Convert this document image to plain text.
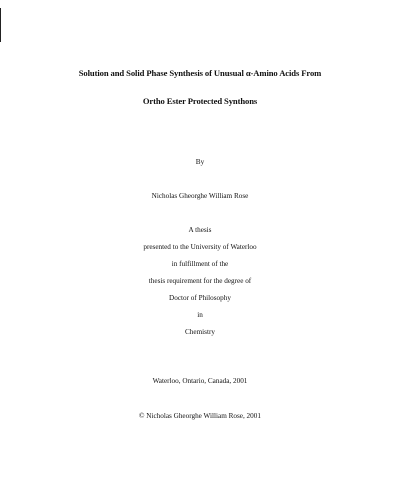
Solution and Solid Phase Synthesis of Unusual α-Amino Acids From
Ortho Ester Protected Synthons
By
Nicholas Gheorghe William Rose
A thesis
presented to the University of Waterloo
in fulfillment of the
thesis requirement for the degree of
Doctor of Philosophy
in
Chemistry
Waterloo, Ontario, Canada, 2001
© Nicholas Gheorghe William Rose, 2001
